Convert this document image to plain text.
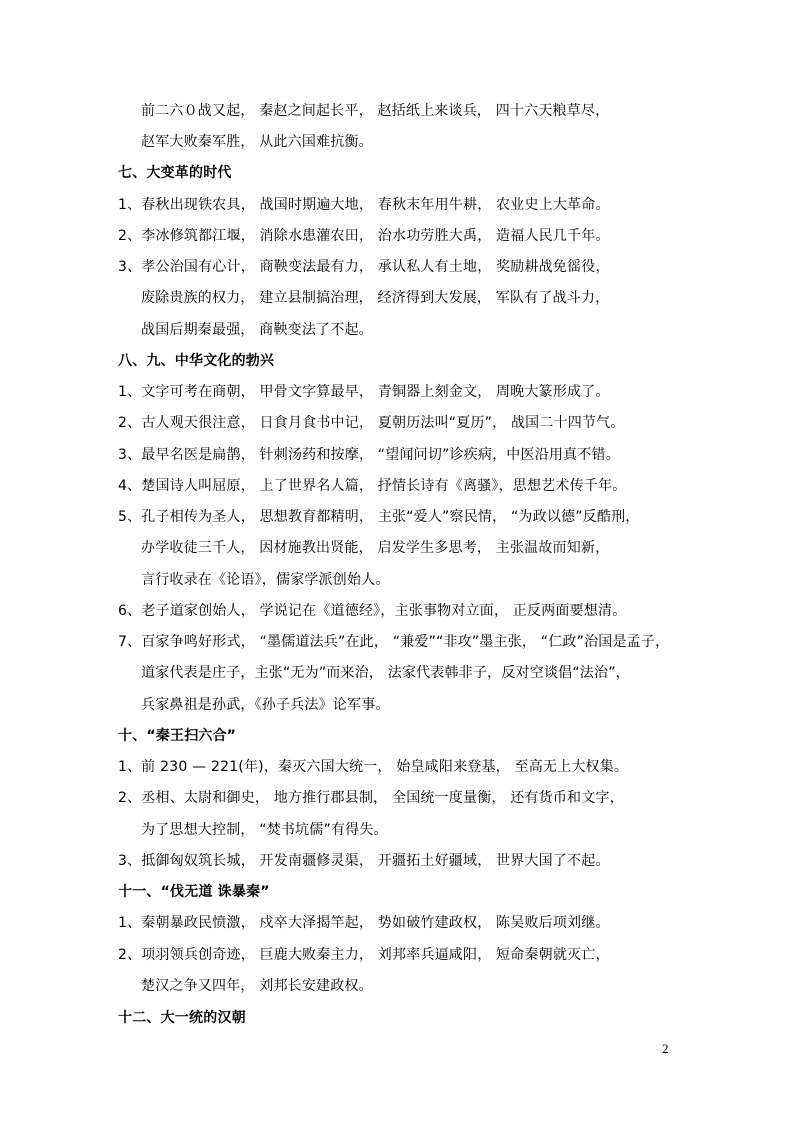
前二六０战又起， 秦赵之间起长平， 赵括纸上来谈兵， 四十六天粮草尽，
赵军大败秦军胜， 从此六国难抗衡。
七、大变革的时代
1、春秋出现铁农具， 战国时期遍大地， 春秋末年用牛耕， 农业史上大革命。
2、李冰修筑都江堰， 消除水患灌农田， 治水功劳胜大禹， 造福人民几千年。
3、孝公治国有心计， 商鞅变法最有力， 承认私人有土地， 奖励耕战免徭役，
废除贵族的权力， 建立县制搞治理， 经济得到大发展， 军队有了战斗力，
战国后期秦最强， 商鞅变法了不起。
八、九、中华文化的勃兴
1、文字可考在商朝， 甲骨文字算最早， 青铜器上刻金文， 周晚大篆形成了。
2、古人观天很注意， 日食月食书中记， 夏朝历法叫“夏历”， 战国二十四节气。
3、最早名医是扁鹊， 针刺汤药和按摩， “望闻问切”诊疾病，中医沿用真不错。
4、楚国诗人叫屈原， 上了世界名人篇， 抒情长诗有《离骚》，思想艺术传千年。
5、孔子相传为圣人， 思想教育都精明， 主张“爱人”察民情， “为政以德”反酷刑，
办学收徒三千人， 因材施教出贤能， 启发学生多思考， 主张温故而知新，
言行收录在《论语》，儒家学派创始人。
6、老子道家创始人， 学说记在《道德经》，主张事物对立面， 正反两面要想清。
7、百家争鸣好形式， “墨儒道法兵”在此， “兼爱”“非攻”墨主张， “仁政”治国是孟子，
道家代表是庄子，主张“无为”而来治， 法家代表韩非子，反对空谈倡“法治”，
兵家鼻祖是孙武，《孙子兵法》论军事。
十、“秦王扫六合”
1、前 230 — 221(年)，秦灭六国大统一， 始皇咸阳来登基， 至高无上大权集。
2、丞相、太尉和御史， 地方推行郡县制， 全国统一度量衡， 还有货币和文字，
为了思想大控制， “焚书坑儒”有得失。
3、抵御匈奴筑长城， 开发南疆修灵渠， 开疆拓土好疆域， 世界大国了不起。
十一、“伐无道 诛暴秦”
1、秦朝暴政民愤激， 戍卒大泽揭竿起， 势如破竹建政权， 陈吴败后项刘继。
2、项羽领兵创奇迹， 巨鹿大败秦主力， 刘邦率兵逼咸阳， 短命秦朝就灭亡，
楚汉之争又四年， 刘邦长安建政权。
十二、大一统的汉朝
2
